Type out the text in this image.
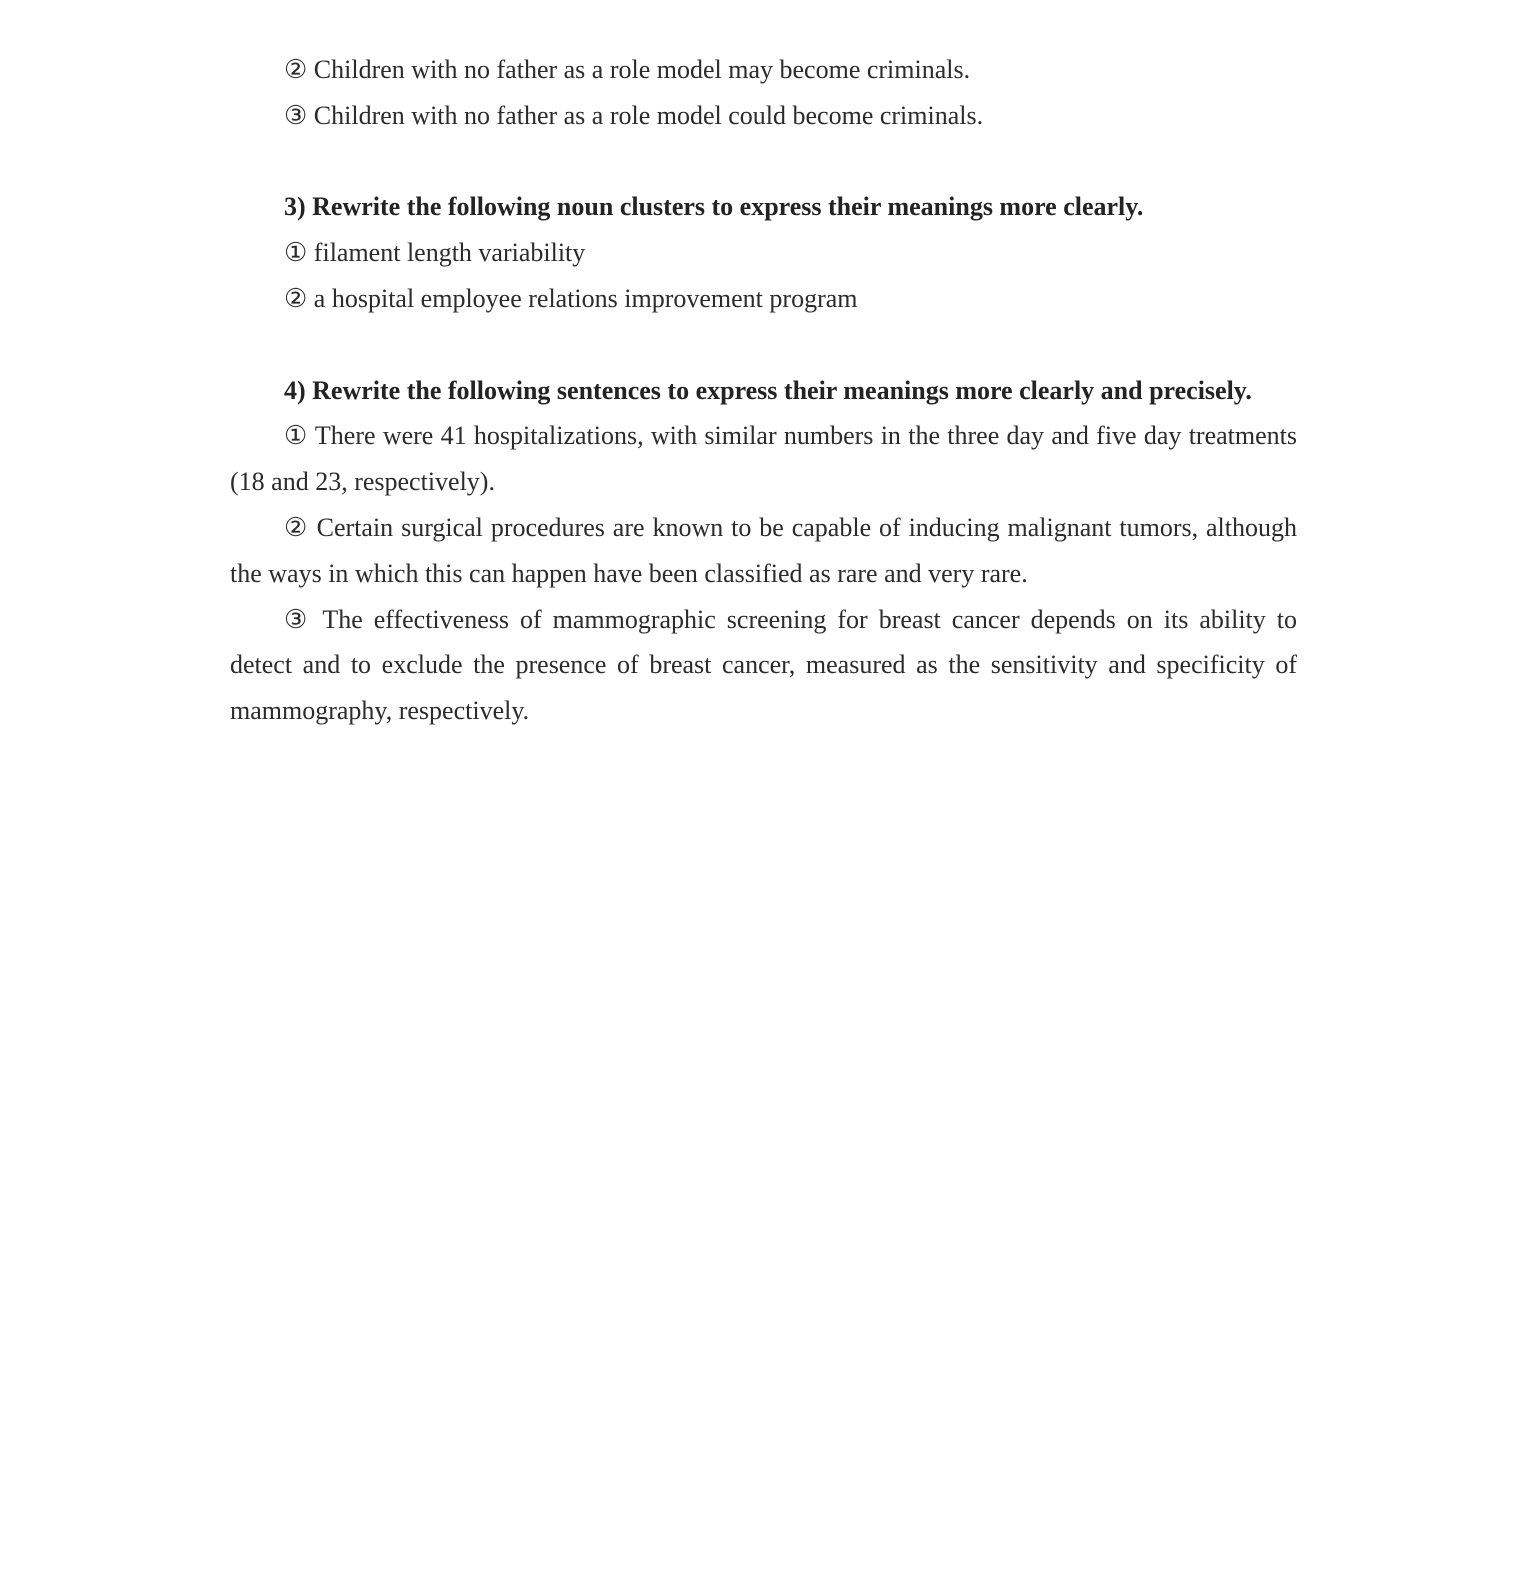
② Children with no father as a role model may become criminals.

③ Children with no father as a role model could become criminals.

3) Rewrite the following noun clusters to express their meanings more clearly.

① filament length variability

② a hospital employee relations improvement program

4) Rewrite the following sentences to express their meanings more clearly and precisely.

① There were 41 hospitalizations, with similar numbers in the three day and five day treatments (18 and 23, respectively).

② Certain surgical procedures are known to be capable of inducing malignant tumors, although the ways in which this can happen have been classified as rare and very rare.

③ The effectiveness of mammographic screening for breast cancer depends on its ability to detect and to exclude the presence of breast cancer, measured as the sensitivity and specificity of mammography, respectively.
